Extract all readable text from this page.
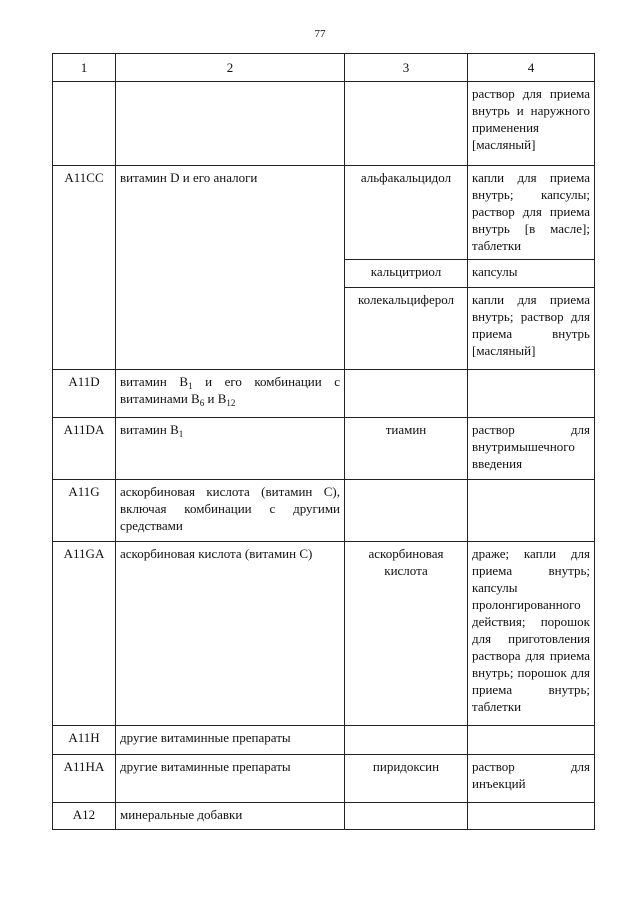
77
1	2	3	4
			раствор для приема внутрь и наружного применения [масляный]
A11CC	витамин D и его аналоги	альфакальцидол	капли для приема внутрь; капсулы; раствор для приема внутрь [в масле]; таблетки
		кальцитриол	капсулы
		колекальциферол	капли для приема внутрь; раствор для приема внутрь [масляный]
A11D	витамин $B_1$ и его комбинации с витаминами $B_6$ и $B_{12}$		
A11DA	витамин $B_1$	тиамин	раствор для внутримышечного введения
A11G	аскорбиновая кислота (витамин C), включая комбинации с другими средствами		
A11GA	аскорбиновая кислота (витамин C)	аскорбиновая кислота	драже; капли для приема внутрь; капсулы пролонгированного действия; порошок для приготовления раствора для приема внутрь; порошок для приема внутрь; таблетки
A11H	другие витаминные препараты		
A11HA	другие витаминные препараты	пиридоксин	раствор для инъекций
A12	минеральные добавки		
